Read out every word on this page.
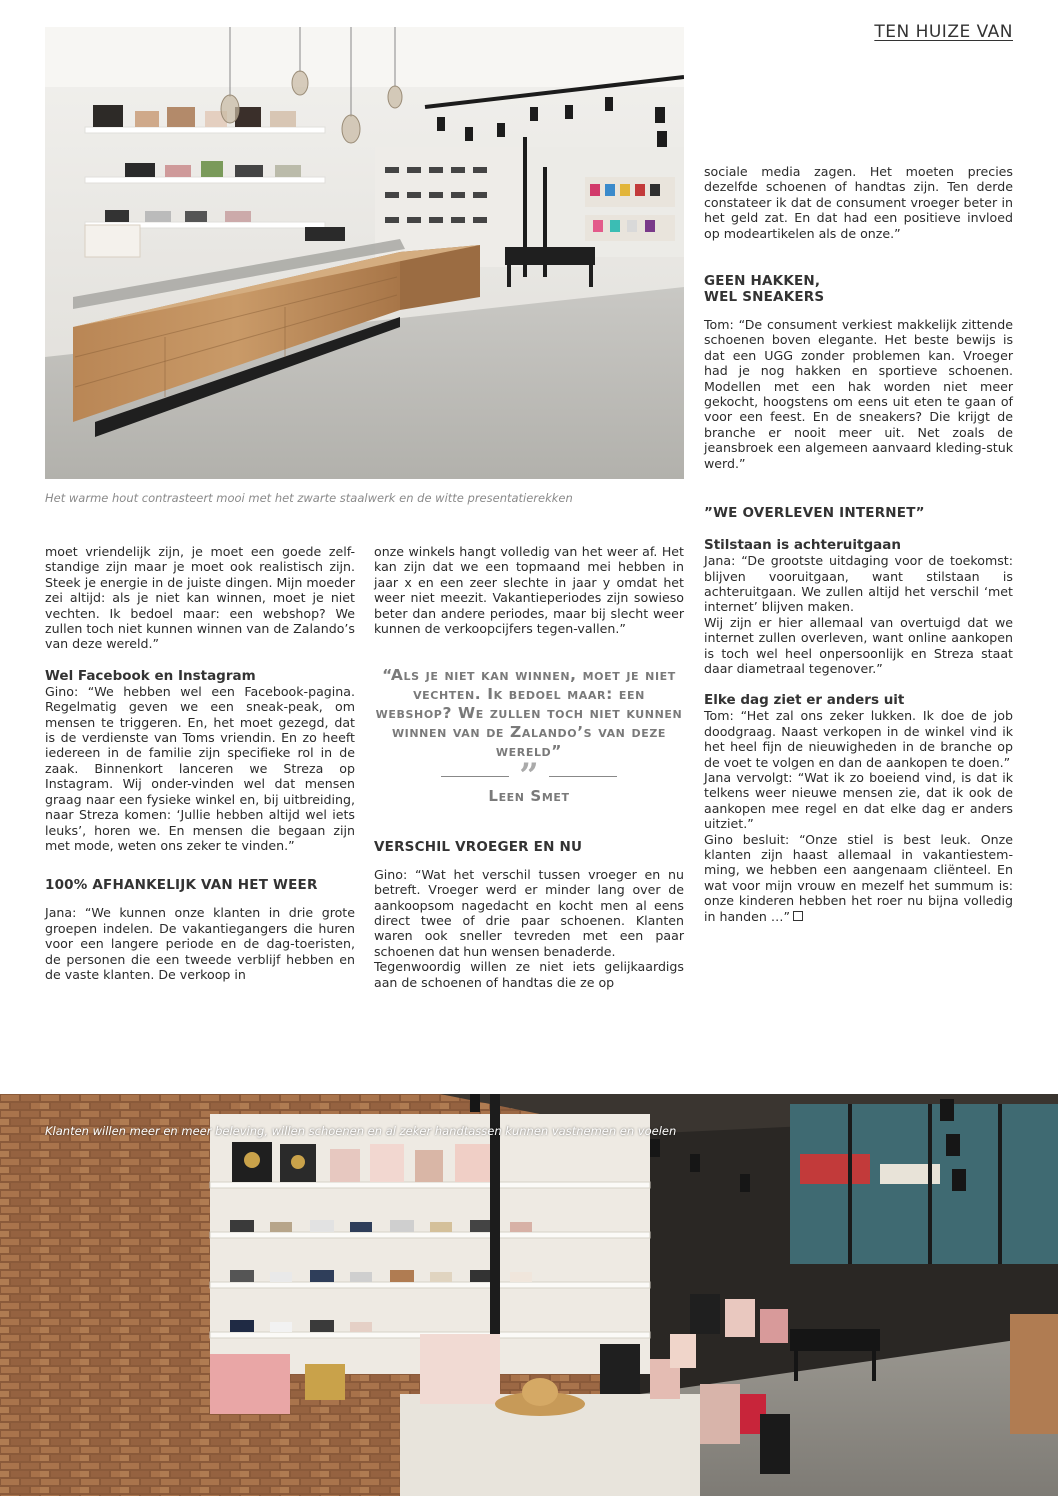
TEN HUIZE VAN
Het warme hout contrasteert mooi met het zwarte staalwerk en de witte presentatierekken

moet vriendelijk zijn, je moet een goede zelf-standige zijn maar je moet ook realistisch zijn. Steek je energie in de juiste dingen. Mijn moeder zei altijd: als je niet kan winnen, moet je niet vechten. Ik bedoel maar: een webshop? We zullen toch niet kunnen winnen van de Zalando’s van deze wereld.”

Wel Facebook en Instagram

Gino: “We hebben wel een Facebook-pagina. Regelmatig geven we een sneak-peak, om mensen te triggeren. En, het moet gezegd, dat is de verdienste van Toms vriendin. En zo heeft iedereen in de familie zijn specifieke rol in de zaak. Binnenkort lanceren we Streza op Instagram. Wij onder-vinden wel dat mensen graag naar een fysieke winkel en, bij uitbreiding, naar Streza komen: ‘Jullie hebben altijd wel iets leuks’, horen we. En mensen die begaan zijn met mode, weten ons zeker te vinden.”

100% AFHANKELIJK VAN HET WEER

Jana: “We kunnen onze klanten in drie grote groepen indelen. De vakantiegangers die huren voor een langere periode en de dag-toeristen, de personen die een tweede verblijf hebben en de vaste klanten. De verkoop in

onze winkels hangt volledig van het weer af. Het kan zijn dat we een topmaand mei hebben in jaar x en een zeer slechte in jaar y omdat het weer niet meezit. Vakantieperiodes zijn sowieso beter dan andere periodes, maar bij slecht weer kunnen de verkoopcijfers tegen-vallen.”

“Als je niet kan winnen, moet je niet vechten. Ik bedoel maar: een webshop? We zullen toch niet kunnen winnen van de Zalando’s van deze wereld”
”
Leen Smet
VERSCHIL VROEGER EN NU

Gino: “Wat het verschil tussen vroeger en nu betreft. Vroeger werd er minder lang over de aankoopsom nagedacht en kocht men al eens direct twee of drie paar schoenen. Klanten waren ook sneller tevreden met een paar schoenen dat hun wensen benaderde.

Tegenwoordig willen ze niet iets gelijkaardigs aan de schoenen of handtas die ze op

sociale media zagen. Het moeten precies dezelfde schoenen of handtas zijn. Ten derde constateer ik dat de consument vroeger beter in het geld zat. En dat had een positieve invloed op modeartikelen als de onze.”

GEEN HAKKEN,
WEL SNEAKERS

Tom: “De consument verkiest makkelijk zittende schoenen boven elegante. Het beste bewijs is dat een UGG zonder problemen kan. Vroeger had je nog hakken en sportieve schoenen. Modellen met een hak worden niet meer gekocht, hoogstens om eens uit eten te gaan of voor een feest. En de sneakers? Die krijgt de branche er nooit meer uit. Net zoals de jeansbroek een algemeen aanvaard kleding-stuk werd.”

”WE OVERLEVEN INTERNET”
Stilstaan is achteruitgaan

Jana: “De grootste uitdaging voor de toekomst: blijven vooruitgaan, want stilstaan is achteruitgaan. We zullen altijd het verschil ‘met internet’ blijven maken.

Wij zijn er hier allemaal van overtuigd dat we internet zullen overleven, want online aankopen is toch wel heel onpersoonlijk en Streza staat daar diametraal tegenover.”

Elke dag ziet er anders uit

Tom: “Het zal ons zeker lukken. Ik doe de job doodgraag. Naast verkopen in de winkel vind ik het heel fijn de nieuwigheden in de branche op de voet te volgen en dan de aankopen te doen.”

Jana vervolgt: “Wat ik zo boeiend vind, is dat ik telkens weer nieuwe mensen zie, dat ik ook de aankopen mee regel en dat elke dag er anders uitziet.”

Gino besluit: “Onze stiel is best leuk. Onze klanten zijn haast allemaal in vakantiestem-ming, we hebben een aangenaam cliënteel. En wat voor mijn vrouw en mezelf het summum is: onze kinderen hebben het roer nu bijna volledig in handen …”

Klanten willen meer en meer beleving, willen schoenen en al zeker handtassen kunnen vastnemen en voelen
